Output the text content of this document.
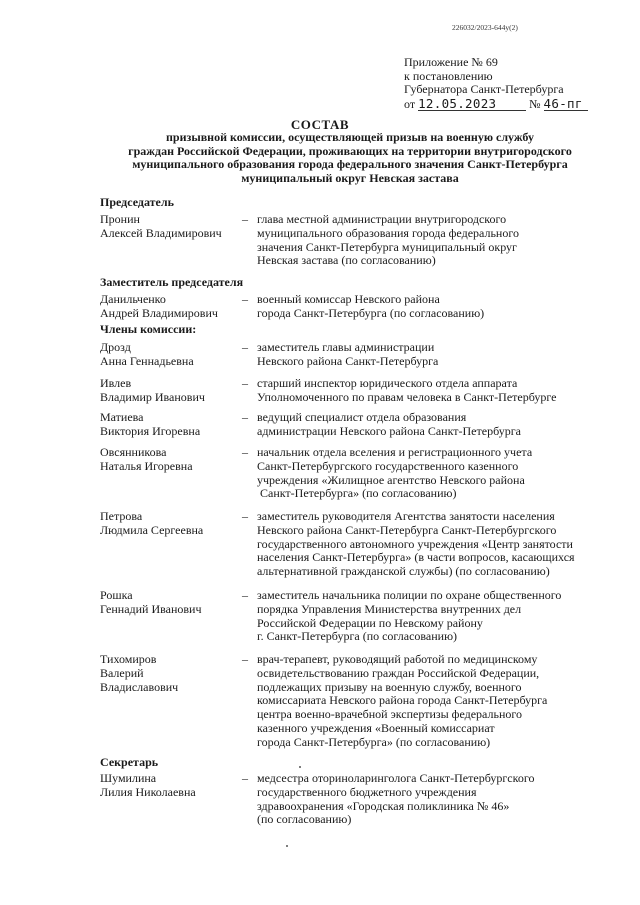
226032/2023-644у(2)
Приложение № 69
к постановлению
Губернатора Санкт-Петербурга
от 12.05.2023	№ 46-пг
СОСТАВ
призывной комиссии, осуществляющей призыв на военную службу
граждан Российской Федерации, проживающих на территории внутригородского
муниципального образования города федерального значения Санкт-Петербурга
муниципальный округ Невская застава
Председатель
Пронин
Алексей Владимирович
– глава местной администрации внутригородского
муниципального образования города федерального
значения Санкт-Петербурга муниципальный округ
Невская застава (по согласованию)
Заместитель председателя
Данильченко
Андрей Владимирович
– военный комиссар Невского района
города Санкт-Петербурга (по согласованию)
Члены комиссии:
Дрозд
Анна Геннадьевна
– заместитель главы администрации
Невского района Санкт-Петербурга
Ивлев
Владимир Иванович
– старший инспектор юридического отдела аппарата
Уполномоченного по правам человека в Санкт-Петербурге
Матиева
Виктория Игоревна
– ведущий специалист отдела образования
администрации Невского района Санкт-Петербурга
Овсянникова
Наталья Игоревна
– начальник отдела вселения и регистрационного учета
Санкт-Петербургского государственного казенного
учреждения «Жилищное агентство Невского района
Санкт-Петербурга» (по согласованию)
Петрова
Людмила Сергеевна
– заместитель руководителя Агентства занятости населения
Невского района Санкт-Петербурга Санкт-Петербургского
государственного автономного учреждения «Центр занятости
населения Санкт-Петербурга» (в части вопросов, касающихся
альтернативной гражданской службы) (по согласованию)
Рошка
Геннадий Иванович
– заместитель начальника полиции по охране общественного
порядка Управления Министерства внутренних дел
Российской Федерации по Невскому району
г. Санкт-Петербурга (по согласованию)
Тихомиров
Валерий
Владиславович
– врач-терапевт, руководящий работой по медицинскому
освидетельствованию граждан Российской Федерации,
подлежащих призыву на военную службу, военного
комиссариата Невского района города Санкт-Петербурга
центра военно-врачебной экспертизы федерального
казенного учреждения «Военный комиссариат
города Санкт-Петербурга» (по согласованию)
Секретарь
Шумилина
Лилия Николаевна
– медсестра оториноларинголога Санкт-Петербургского
государственного бюджетного учреждения
здравоохранения «Городская поликлиника № 46»
(по согласованию)
